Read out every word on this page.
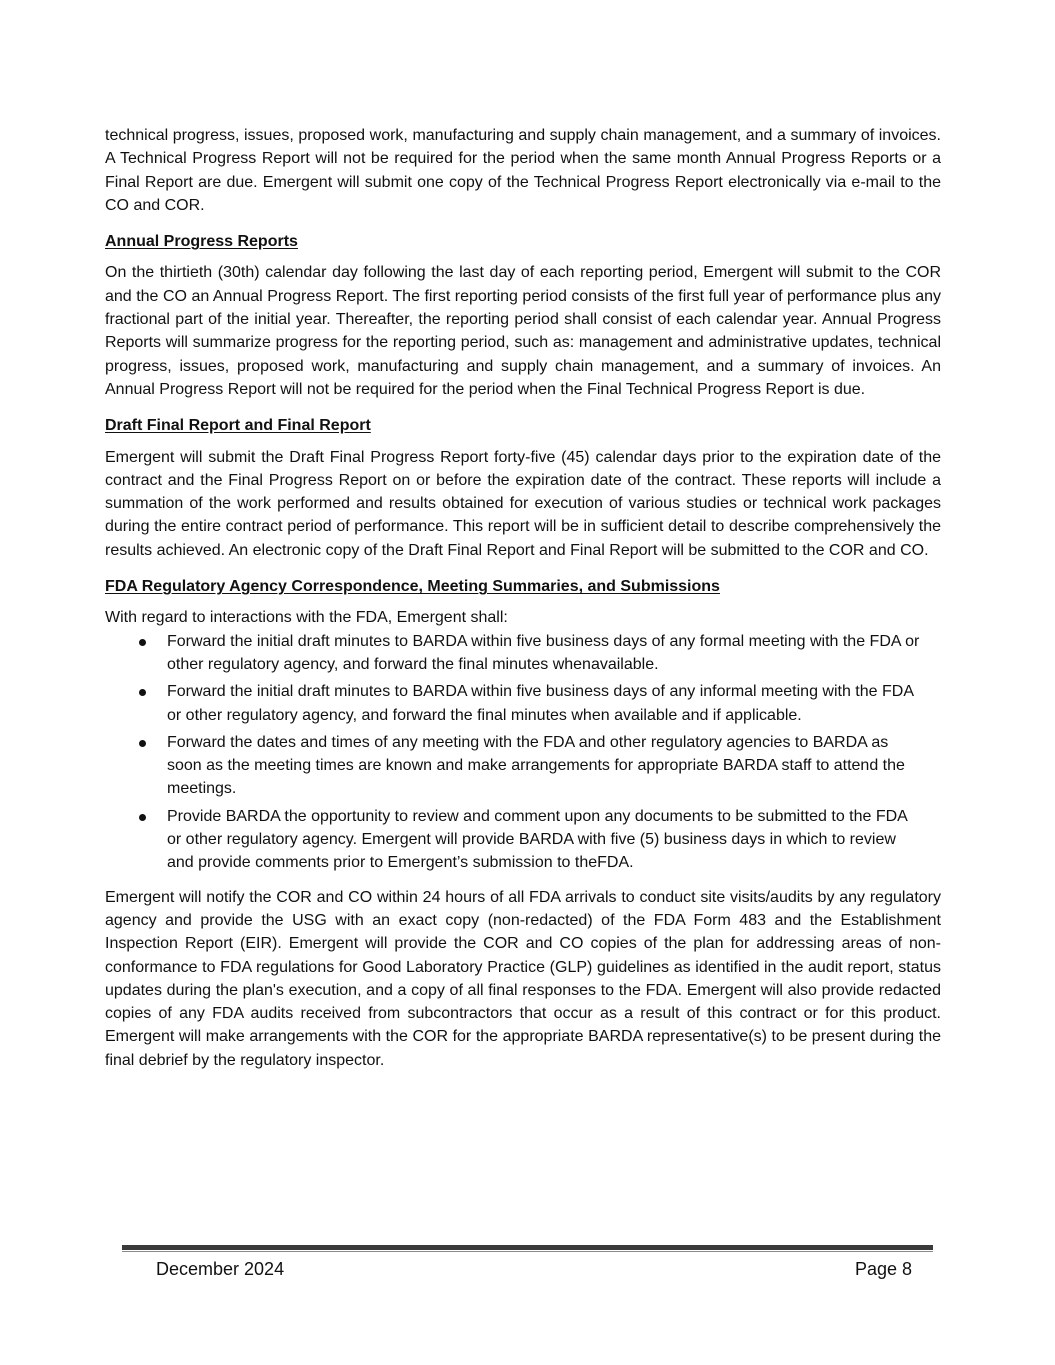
technical progress, issues, proposed work, manufacturing and supply chain management, and a summary of invoices. A Technical Progress Report will not be required for the period when the same month Annual Progress Reports or a Final Report are due. Emergent will submit one copy of the Technical Progress Report electronically via e-mail to the CO and COR.

Annual Progress Reports

On the thirtieth (30th) calendar day following the last day of each reporting period, Emergent will submit to the COR and the CO an Annual Progress Report. The first reporting period consists of the first full year of performance plus any fractional part of the initial year. Thereafter, the reporting period shall consist of each calendar year. Annual Progress Reports will summarize progress for the reporting period, such as: management and administrative updates, technical progress, issues, proposed work, manufacturing and supply chain management, and a summary of invoices. An Annual Progress Report will not be required for the period when the Final Technical Progress Report is due.

Draft Final Report and Final Report

Emergent will submit the Draft Final Progress Report forty-five (45) calendar days prior to the expiration date of the contract and the Final Progress Report on or before the expiration date of the contract. These reports will include a summation of the work performed and results obtained for execution of various studies or technical work packages during the entire contract period of performance. This report will be in sufficient detail to describe comprehensively the results achieved. An electronic copy of the Draft Final Report and Final Report will be submitted to the COR and CO.

FDA Regulatory Agency Correspondence, Meeting Summaries, and Submissions

With regard to interactions with the FDA, Emergent shall:

Forward the initial draft minutes to BARDA within five business days of any formal meeting with the FDA or other regulatory agency, and forward the final minutes whenavailable.
Forward the initial draft minutes to BARDA within five business days of any informal meeting with the FDA or other regulatory agency, and forward the final minutes when available and if applicable.
Forward the dates and times of any meeting with the FDA and other regulatory agencies to BARDA as soon as the meeting times are known and make arrangements for appropriate BARDA staff to attend the meetings.
Provide BARDA the opportunity to review and comment upon any documents to be submitted to the FDA or other regulatory agency. Emergent will provide BARDA with five (5) business days in which to review and provide comments prior to Emergent’s submission to theFDA.

Emergent will notify the COR and CO within 24 hours of all FDA arrivals to conduct site visits/audits by any regulatory agency and provide the USG with an exact copy (non-redacted) of the FDA Form 483 and the Establishment Inspection Report (EIR). Emergent will provide the COR and CO copies of the plan for addressing areas of non-conformance to FDA regulations for Good Laboratory Practice (GLP) guidelines as identified in the audit report, status updates during the plan's execution, and a copy of all final responses to the FDA. Emergent will also provide redacted copies of any FDA audits received from subcontractors that occur as a result of this contract or for this product. Emergent will make arrangements with the COR for the appropriate BARDA representative(s) to be present during the final debrief by the regulatory inspector.

December 2024	Page 8
